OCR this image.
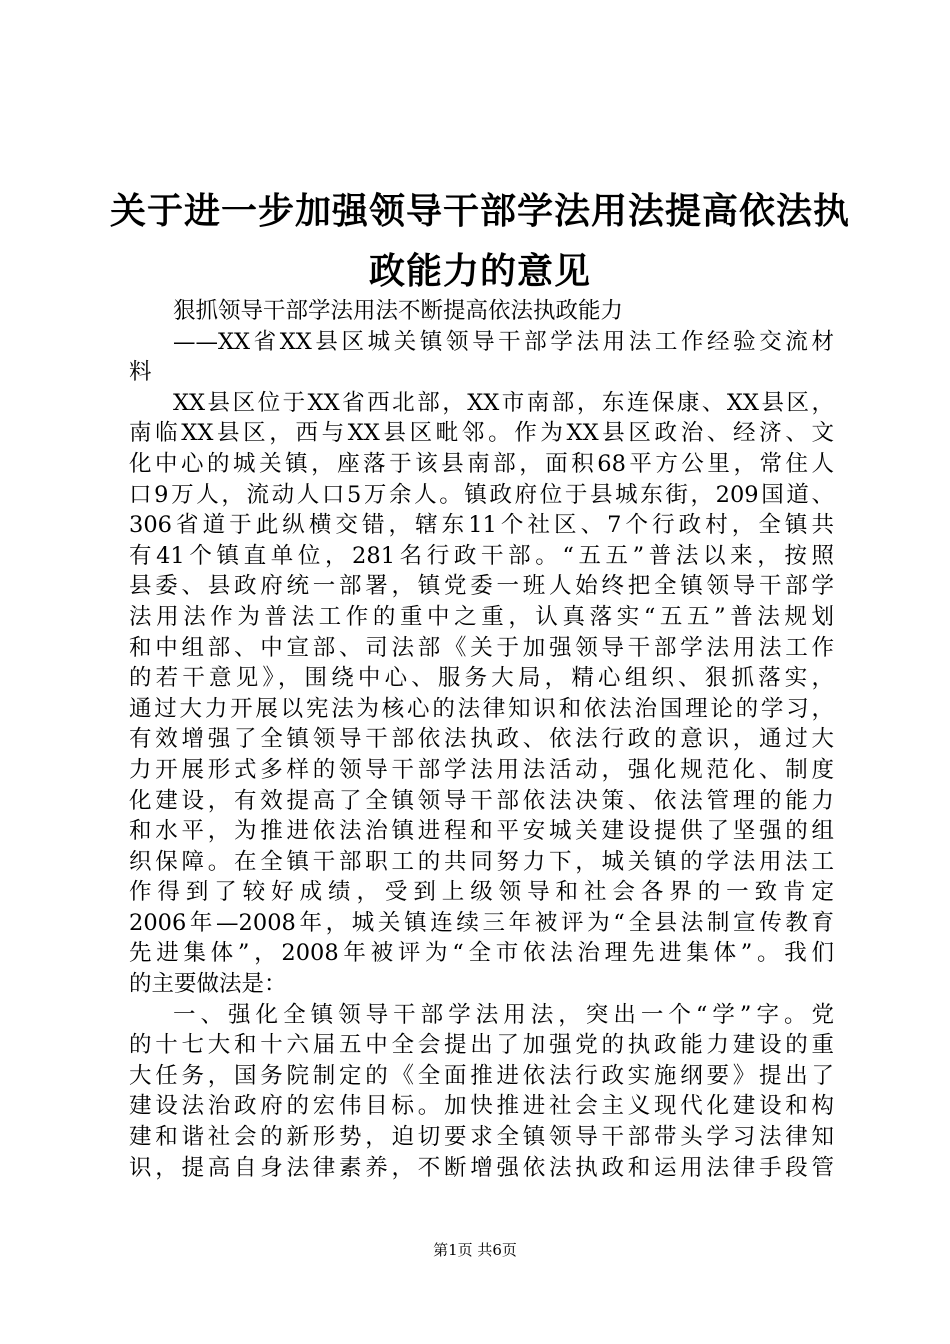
关于进一步加强领导干部学法用法提高依法执
政能力的意见
狠抓领导干部学法用法不断提高依法执政能力
——XX省XX县区城关镇领导干部学法用法工作经验交流材
料
XX县区位于XX省西北部，XX市南部，东连保康、XX县区，
南临XX县区，西与XX县区毗邻。作为XX县区政治、经济、文
化中心的城关镇，座落于该县南部，面积68平方公里，常住人
口9万人，流动人口5万余人。镇政府位于县城东街，209国道、
306省道于此纵横交错，辖东11个社区、7个行政村，全镇共
有41个镇直单位，281名行政干部。“五五”普法以来，按照
县委、县政府统一部署，镇党委一班人始终把全镇领导干部学
法用法作为普法工作的重中之重，认真落实“五五”普法规划
和中组部、中宣部、司法部《关于加强领导干部学法用法工作
的若干意见》，围绕中心、服务大局，精心组织、狠抓落实，
通过大力开展以宪法为核心的法律知识和依法治国理论的学习，
有效增强了全镇领导干部依法执政、依法行政的意识，通过大
力开展形式多样的领导干部学法用法活动，强化规范化、制度
化建设，有效提高了全镇领导干部依法决策、依法管理的能力
和水平，为推进依法治镇进程和平安城关建设提供了坚强的组
织保障。在全镇干部职工的共同努力下，城关镇的学法用法工
作得到了较好成绩，受到上级领导和社会各界的一致肯定
2006年—2008年，城关镇连续三年被评为“全县法制宣传教育
先进集体”，2008年被评为“全市依法治理先进集体”。我们
的主要做法是：
一、强化全镇领导干部学法用法，突出一个“学”字。党
的十七大和十六届五中全会提出了加强党的执政能力建设的重
大任务，国务院制定的《全面推进依法行政实施纲要》提出了
建设法治政府的宏伟目标。加快推进社会主义现代化建设和构
建和谐社会的新形势，迫切要求全镇领导干部带头学习法律知
识，提高自身法律素养，不断增强依法执政和运用法律手段管
第1页 共6页
